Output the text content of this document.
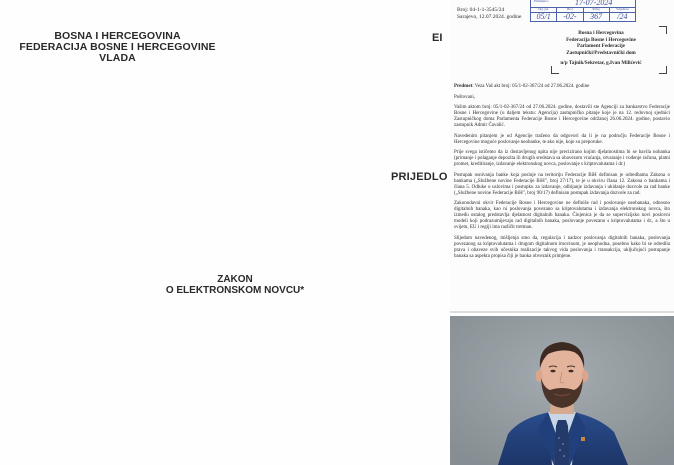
BOSNA I HERCEGOVINA
FEDERACIJA BOSNE I HERCEGOVINE
VLADA
EI
PRIJEDLO
ZAKON
O ELEKTRONSKOM NOVCU*
Broj: 04-1-1-3545/24
Sarajevo, 12.07.2024. godine
Primljeno:	17-07-2024
Org. jed.	Broj	Prilog	Vrijednost
05/1	-02-	367	/24
Bosna i Hercegovina
Federacija Bosne i Hercegovine
Parlament Federacije
Zastupnički/Predstavnički dom
n/p Tajnik/Sekretar, g.Ivan Milićević

Predmet: Veza Vaš akt broj: 05/1-02-367/24 od 27.06.2024. godine

Poštovani,

Vašim aktom broj: 05/1-02-367/24 od 27.06.2024. godine, dostavili ste Agenciji za bankarstvo Federacije Bosne i Hercegovine (u daljem tekstu: Agencija) zastupničko pitanje koje je na 12. redovnoj sjednici Zastupničkog doma Parlamenta Federacije Bosne i Hercegovine održanoj 26.06.2024. godine, postavio zastupnik Admir Čavalić.

Navedenim pitanjem je od Agencije traženo da odgovori da li je na području Federacije Bosne i Hercegovine moguće poslovanje neobanke, te ako nije, koje su preporuke.

Prije svega ističemo da iz dostavljenog upita nije precizirano kojim djelatnostima bi se bavila nobanka (primanje i polaganje depozita ili drugih sredstava sa obavezom vraćanja, otvaranje i vođenje računa, platni promet, kreditiranje, izdavanje elektronskog novca, poslovanje s kriptovalutama i dr.)

Postupak osnivanja banke koja posluje na teritoriju Federacije BiH definisan je odredbama Zakona o bankama („Službene novine Federacije BiH", broj 27/17), te je u okviru člana 12. Zakona o bankama i člana 5. Odluke o uslovima i postupku za izdavanje, odbijanje izdavanja i ukidanje dozvole za rad banke („Službene novine Federacije BiH", broj 90/17) definisan postupak izdavanja dozvole za rad.

Zakonodavni okvir Federacije Bosne i Hercegovine ne definiše rad i poslovanje neobanaka, odnosno digitalnih banaka, kao ni poslovanja povezano sa kriptovalutama i izdavanja elektronskog novca, što između ostalog predstavlja djelatnost digitalnih banaka. Činjenica je da se supervizijsko novi poslovni modeli koji podrazumijevaju rad digitalnih banaka, poslovanje povezano s kriptovalutama i dr., a što u svijetu, EU i regiji ima različit tretman.

Slijedom navedenog, mišljenja smo da, regulacija i nadzor poslovanja digitalnih banaka, poslovanja povezanog sa kriptovalutama i drugom digitalnom imovinom, je neophodna, posebno kako bi se odredila prava i obaveze svih učesnika realizacije takvog vida poslovanja i transakcija, uključujući postupanje banaka sa aspekta propisa čiji je banka obveznik primjene.
